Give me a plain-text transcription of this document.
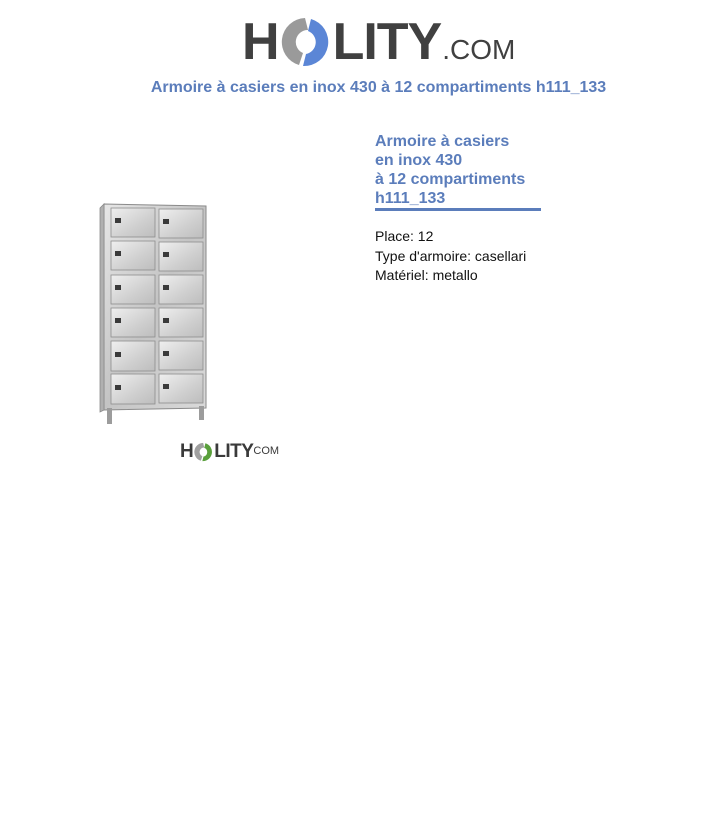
H LITY .COM
Armoire à casiers en inox 430 à 12 compartiments h111_133
H LITY COM
Armoire à casiers
en inox 430
à 12 compartiments
h111_133
Place: 12
Type d'armoire: casellari
Matériel: metallo
